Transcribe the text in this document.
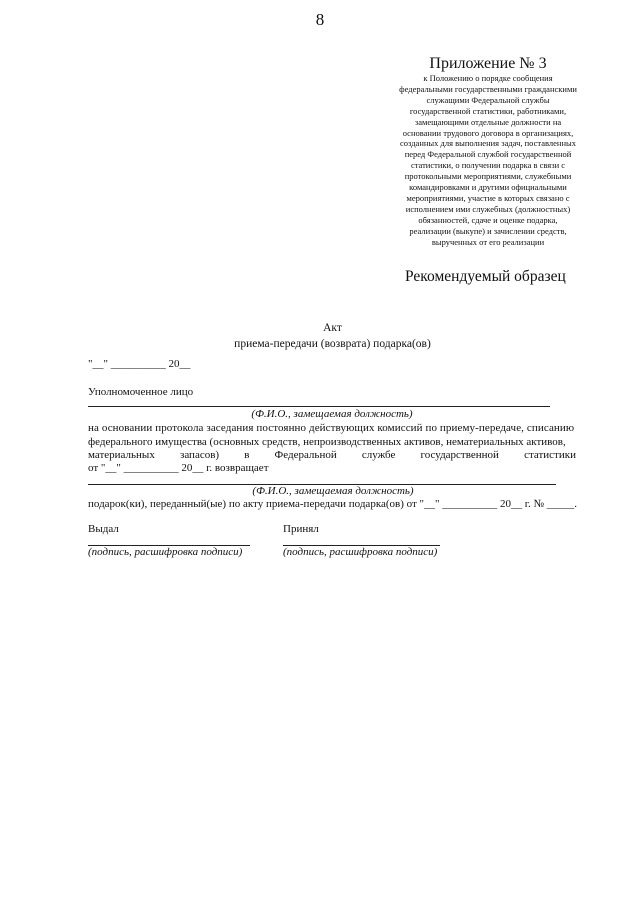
8
Приложение № 3
к Положению о порядке сообщения
федеральными государственными гражданскими
служащими Федеральной службы
государственной статистики, работниками,
замещающими отдельные должности на
основании трудового договора в организациях,
созданных для выполнения задач, поставленных
перед Федеральной службой государственной
статистики, о получении подарка в связи с
протокольными мероприятиями, служебными
командировками и другими официальными
мероприятиями, участие в которых связано с
исполнением ими служебных (должностных)
обязанностей, сдаче и оценке подарка,
реализации (выкупе) и зачислении средств,
вырученных от его реализации
Рекомендуемый образец
Акт
приема-передачи (возврата) подарка(ов)
"__" __________ 20__
Уполномоченное лицо
(Ф.И.О., замещаемая должность)
на основании протокола заседания постоянно действующих комиссий по приему-передаче, списанию
федерального имущества (основных средств, непроизводственных активов, нематериальных активов,
материальных запасов) в Федеральной службе государственной статистики
от "__" __________ 20__ г. возвращает
(Ф.И.О., замещаемая должность)
подарок(ки), переданный(ые) по акту приема-передачи подарка(ов) от "__" __________ 20__ г. № _____.
Выдал	Принял
(подпись, расшифровка подписи)	(подпись, расшифровка подписи)
